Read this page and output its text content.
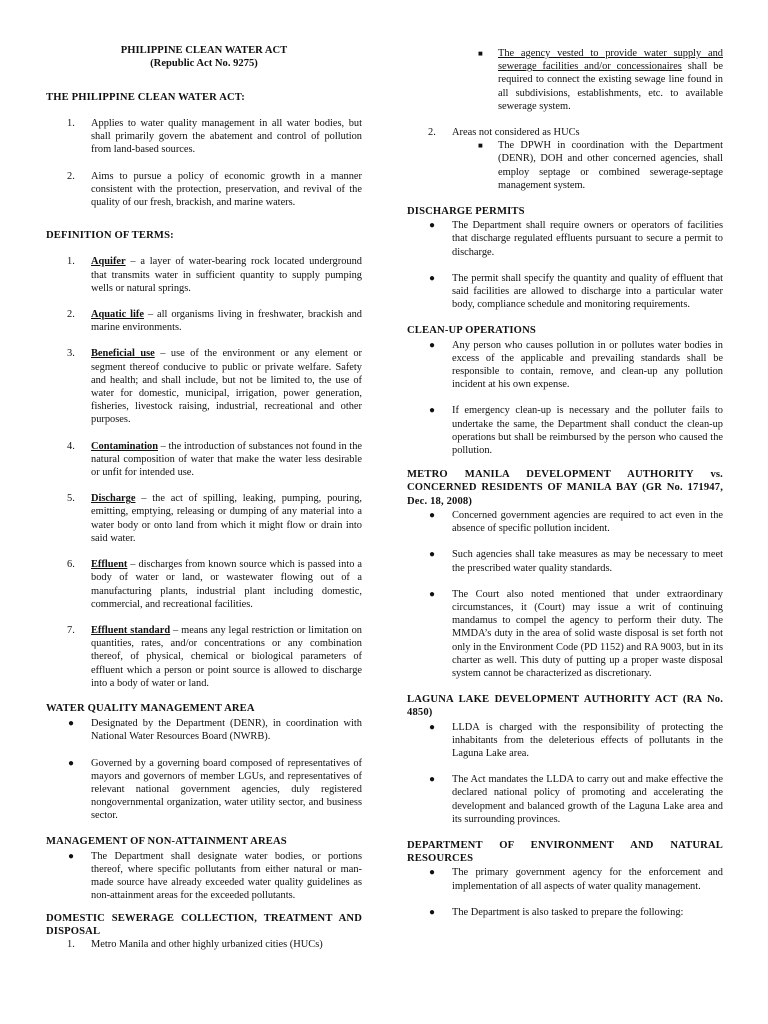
PHILIPPINE CLEAN WATER ACT
(Republic Act No. 9275)
THE PHILIPPINE CLEAN WATER ACT:
1. Applies to water quality management in all water bodies, but shall primarily govern the abatement and control of pollution from land-based sources.
2. Aims to pursue a policy of economic growth in a manner consistent with the protection, preservation, and revival of the quality of our fresh, brackish, and marine waters.
DEFINITION OF TERMS:
1. Aquifer – a layer of water-bearing rock located underground that transmits water in sufficient quantity to supply pumping wells or natural springs.
2. Aquatic life – all organisms living in freshwater, brackish and marine environments.
3. Beneficial use – use of the environment or any element or segment thereof conducive to public or private welfare. Safety and health; and shall include, but not be limited to, the use of water for domestic, municipal, irrigation, power generation, fisheries, livestock raising, industrial, recreational and other purposes.
4. Contamination – the introduction of substances not found in the natural composition of water that make the water less desirable or unfit for intended use.
5. Discharge – the act of spilling, leaking, pumping, pouring, emitting, emptying, releasing or dumping of any material into a water body or onto land from which it might flow or drain into said water.
6. Effluent – discharges from known source which is passed into a body of water or land, or wastewater flowing out of a manufacturing plants, industrial plant including domestic, commercial, and recreational facilities.
7. Effluent standard – means any legal restriction or limitation on quantities, rates, and/or concentrations or any combination thereof, of physical, chemical or biological parameters of effluent which a person or point source is allowed to discharge into a body of water or land.
WATER QUALITY MANAGEMENT AREA
● Designated by the Department (DENR), in coordination with National Water Resources Board (NWRB).
● Governed by a governing board composed of representatives of mayors and governors of member LGUs, and representatives of relevant national government agencies, duly registered nongovernmental organization, water utility sector, and business sector.
MANAGEMENT OF NON-ATTAINMENT AREAS
● The Department shall designate water bodies, or portions thereof, where specific pollutants from either natural or man-made source have already exceeded water quality guidelines as non-attainment areas for the exceeded pollutants.
DOMESTIC SEWERAGE COLLECTION, TREATMENT AND DISPOSAL
1. Metro Manila and other highly urbanized cities (HUCs)
■ The agency vested to provide water supply and sewerage facilities and/or concessionaires shall be required to connect the existing sewage line found in all subdivisions, establishments, etc. to available sewerage system.
2. Areas not considered as HUCs
■ The DPWH in coordination with the Department (DENR), DOH and other concerned agencies, shall employ septage or combined sewerage-septage management system.
DISCHARGE PERMITS
● The Department shall require owners or operators of facilities that discharge regulated effluents pursuant to secure a permit to discharge.
● The permit shall specify the quantity and quality of effluent that said facilities are allowed to discharge into a particular water body, compliance schedule and monitoring requirements.
CLEAN-UP OPERATIONS
● Any person who causes pollution in or pollutes water bodies in excess of the applicable and prevailing standards shall be responsible to contain, remove, and clean-up any pollution incident at his own expense.
● If emergency clean-up is necessary and the polluter fails to undertake the same, the Department shall conduct the clean-up operations but shall be reimbursed by the person who caused the pollution.
METRO MANILA DEVELOPMENT AUTHORITY vs. CONCERNED RESIDENTS OF MANILA BAY (GR No. 171947, Dec. 18, 2008)
● Concerned government agencies are required to act even in the absence of specific pollution incident.
● Such agencies shall take measures as may be necessary to meet the prescribed water quality standards.
● The Court also noted mentioned that under extraordinary circumstances, it (Court) may issue a writ of continuing mandamus to compel the agency to perform their duty. The MMDA’s duty in the area of solid waste disposal is set forth not only in the Environment Code (PD 1152) and RA 9003, but in its charter as well. This duty of putting up a proper waste disposal system cannot be characterized as discretionary.
LAGUNA LAKE DEVELOPMENT AUTHORITY ACT (RA No. 4850)
● LLDA is charged with the responsibility of protecting the inhabitants from the deleterious effects of pollutants in the Laguna Lake area.
● The Act mandates the LLDA to carry out and make effective the declared national policy of promoting and accelerating the development and balanced growth of the Laguna Lake area and its surrounding provinces.
DEPARTMENT OF ENVIRONMENT AND NATURAL RESOURCES
● The primary government agency for the enforcement and implementation of all aspects of water quality management.
● The Department is also tasked to prepare the following:
